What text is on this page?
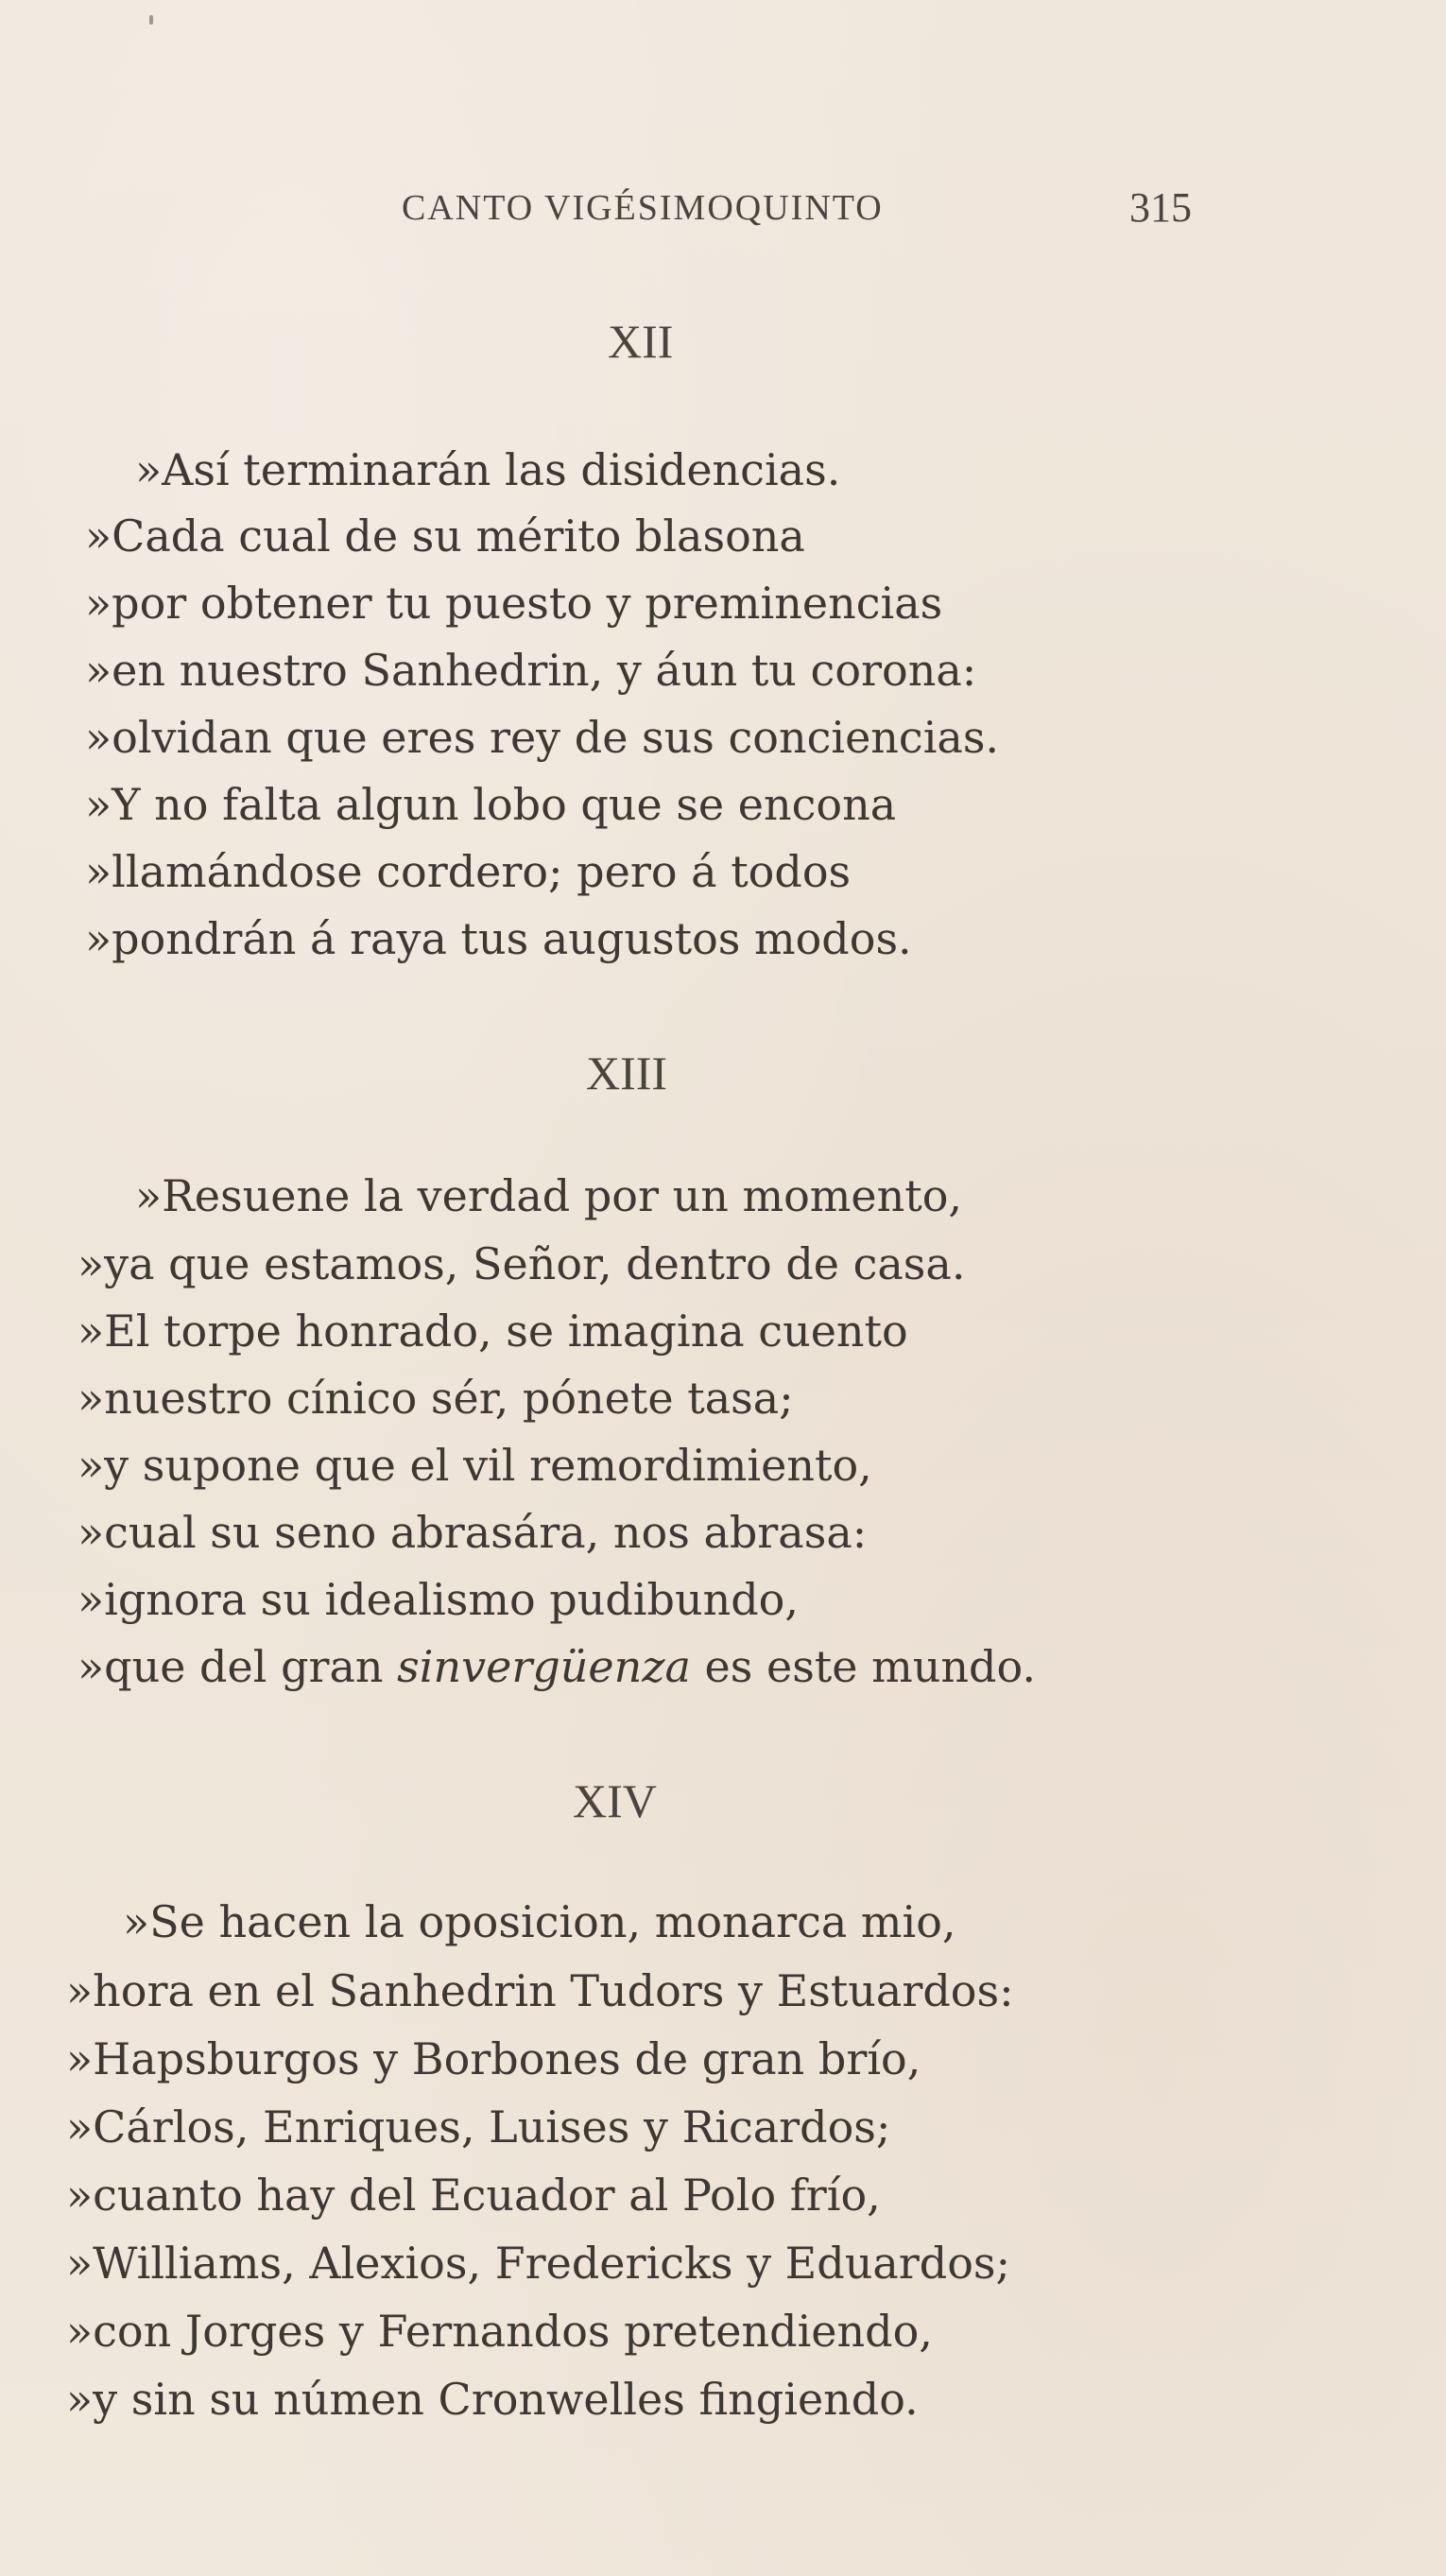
CANTO VIGÉSIMOQUINTO	315
XII
»Así terminarán las disidencias.
»Cada cual de su mérito blasona
»por obtener tu puesto y preminencias
»en nuestro Sanhedrin, y áun tu corona:
»olvidan que eres rey de sus conciencias.
»Y no falta algun lobo que se encona
»llamándose cordero; pero á todos
»pondrán á raya tus augustos modos.
XIII
»Resuene la verdad por un momento,
»ya que estamos, Señor, dentro de casa.
»El torpe honrado, se imagina cuento
»nuestro cínico sér, pónete tasa;
»y supone que el vil remordimiento,
»cual su seno abrasára, nos abrasa:
»ignora su idealismo pudibundo,
»que del gran sinvergüenza es este mundo.
XIV
»Se hacen la oposicion, monarca mio,
»hora en el Sanhedrin Tudors y Estuardos:
»Hapsburgos y Borbones de gran brío,
»Cárlos, Enriques, Luises y Ricardos;
»cuanto hay del Ecuador al Polo frío,
»Williams, Alexios, Fredericks y Eduardos;
»con Jorges y Fernandos pretendiendo,
»y sin su númen Cronwelles fingiendo.
